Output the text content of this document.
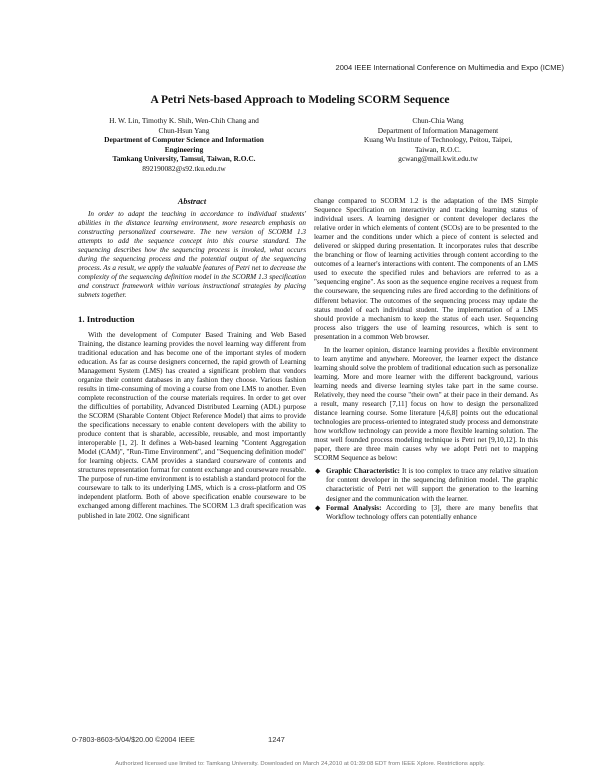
2004 IEEE International Conference on Multimedia and Expo (ICME)
A Petri Nets-based Approach to Modeling SCORM Sequence
H. W. Lin, Timothy K. Shih, Wen-Chih Chang and
Chun-Hsun Yang
Department of Computer Science and Information
Engineering
Tamkang University, Tamsui, Taiwan, R.O.C.
892190082@s92.tku.edu.tw
Chun-Chia Wang
Department of Information Management
Kuang Wu Institute of Technology, Peitou, Taipei,
Taiwan, R.O.C.
gcwang@mail.kwit.edu.tw
Abstract
In order to adapt the teaching in accordance to individual students' abilities in the distance learning environment, more research emphasis on constructing personalized courseware. The new version of SCORM 1.3 attempts to add the sequence concept into this course standard. The sequencing describes how the sequencing process is invoked, what occurs during the sequencing process and the potential output of the sequencing process. As a result, we apply the valuable features of Petri net to decrease the complexity of the sequencing definition model in the SCORM 1.3 specification and construct framework within various instructional strategies by placing subnets together.
1. Introduction
With the development of Computer Based Training and Web Based Training, the distance learning provides the novel learning way different from traditional education and has become one of the important styles of modern education. As far as course designers concerned, the rapid growth of Learning Management System (LMS) has created a significant problem that vendors organize their content databases in any fashion they choose. Various fashion results in time-consuming of moving a course from one LMS to another. Even complete reconstruction of the course materials requires. In order to get over the difficulties of portability, Advanced Distributed Learning (ADL) purpose the SCORM (Sharable Content Object Reference Model) that aims to provide the specifications necessary to enable content developers with the ability to produce content that is sharable, accessible, reusable, and most importantly interoperable [1, 2]. It defines a Web-based learning "Content Aggregation Model (CAM)", "Run-Time Environment", and "Sequencing definition model" for learning objects. CAM provides a standard courseware of contents and structures representation format for content exchange and courseware reusable. The purpose of run-time environment is to establish a standard protocol for the courseware to talk to its underlying LMS, which is a cross-platform and OS independent platform. Both of above specification enable courseware to be exchanged among different machines. The SCORM 1.3 draft specification was published in late 2002. One significant
change compared to SCORM 1.2 is the adaptation of the IMS Simple Sequence Specification on interactivity and tracking learning status of individual users. A learning designer or content developer declares the relative order in which elements of content (SCOs) are to be presented to the learner and the conditions under which a piece of content is selected and delivered or skipped during presentation. It incorporates rules that describe the branching or flow of learning activities through content according to the outcomes of a learner's interactions with content. The components of an LMS used to execute the specified rules and behaviors are referred to as a "sequencing engine". As soon as the sequence engine receives a request from the courseware, the sequencing rules are fired according to the definitions of different behavior. The outcomes of the sequencing process may update the status model of each individual student. The implementation of a LMS should provide a mechanism to keep the status of each user. Sequencing process also triggers the use of learning resources, which is sent to presentation in a common Web browser.
In the learner opinion, distance learning provides a flexible environment to learn anytime and anywhere. Moreover, the learner expect the distance learning should solve the problem of traditional education such as personalize learning. More and more learner with the different background, various learning needs and diverse learning styles take part in the same course. Relatively, they need the course "their own" at their pace in their demand. As a result, many research [7,11] focus on how to design the personalized distance learning course. Some literature [4,6,8] points out the educational technologies are process-oriented to integrated study process and demonstrate how workflow technology can provide a more flexible learning solution. The most well founded process modeling technique is Petri net [9,10,12]. In this paper, there are three main causes why we adopt Petri net to mapping SCORM Sequence as below:
◆ Graphic Characteristic: It is too complex to trace any relative situation for content developer in the sequencing definition model. The graphic characteristic of Petri net will support the generation to the learning designer and the communication with the learner.
◆ Formal Analysis: According to [3], there are many benefits that Workflow technology offers can potentially enhance
0-7803-8603-5/04/$20.00 ©2004 IEEE	1247
Authorized licensed use limited to: Tamkang University. Downloaded on March 24,2010 at 01:39:08 EDT from IEEE Xplore. Restrictions apply.
